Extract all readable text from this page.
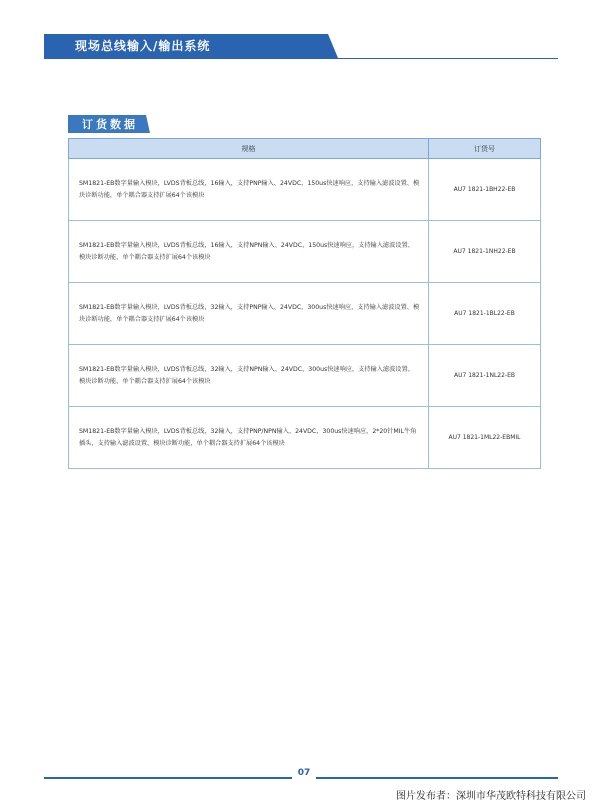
现场总线输入/输出系统
订货数据
规格	订货号
SM1821-EB数字量输入模块，LVDS背板总线，16输入，支持PNP输入、24VDC，150us快速响应，支持输入滤波设置、模块诊断功能，单个耦合器支持扩展64个该模块	AU7 1821-1BH22-EB
SM1821-EB数字量输入模块，LVDS背板总线，16输入，支持NPN输入、24VDC，150us快速响应，支持输入滤波设置、模块诊断功能，单个耦合器支持扩展64个该模块	AU7 1821-1NH22-EB
SM1821-EB数字量输入模块，LVDS背板总线，32输入，支持PNP输入、24VDC，300us快速响应，支持输入滤波设置、模块诊断功能，单个耦合器支持扩展64个该模块	AU7 1821-1BL22-EB
SM1821-EB数字量输入模块，LVDS背板总线，32输入，支持NPN输入、24VDC，300us快速响应，支持输入滤波设置、模块诊断功能，单个耦合器支持扩展64个该模块	AU7 1821-1NL22-EB
SM1821-EB数字量输入模块，LVDS背板总线，32输入，支持PNP/NPN输入、24VDC，300us快速响应，2*20针MIL牛角插头，支持输入滤波设置、模块诊断功能，单个耦合器支持扩展64个该模块	AU7 1821-1ML22-EBMIL
07
图片发布者：深圳市华茂欧特科技有限公司
